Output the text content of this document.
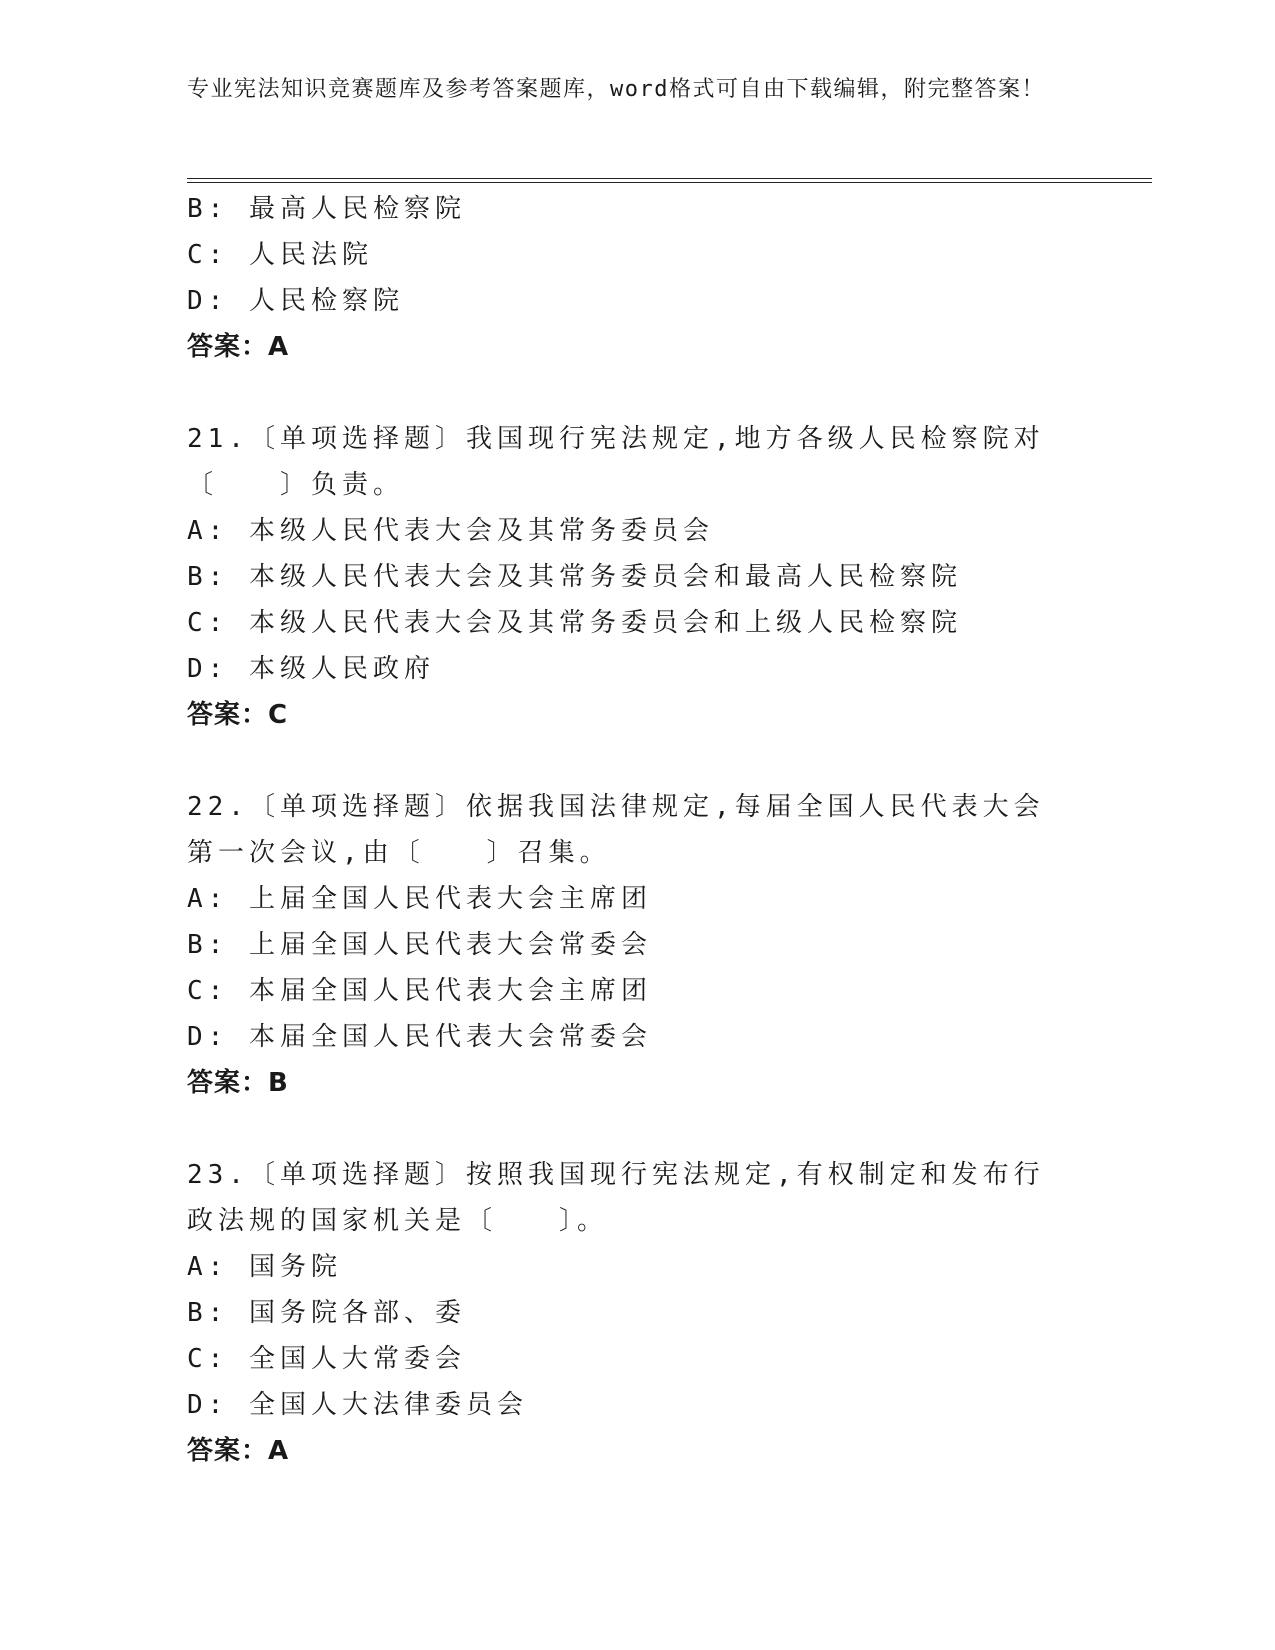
专业宪法知识竞赛题库及参考答案题库，word格式可自由下载编辑，附完整答案！
B: 最高人民检察院
C: 人民法院
D: 人民检察院
答案：A
21.〔单项选择题〕我国现行宪法规定,地方各级人民检察院对〔　　〕负责。
A: 本级人民代表大会及其常务委员会
B: 本级人民代表大会及其常务委员会和最高人民检察院
C: 本级人民代表大会及其常务委员会和上级人民检察院
D: 本级人民政府
答案：C
22.〔单项选择题〕依据我国法律规定,每届全国人民代表大会第一次会议,由〔　　〕召集。
A: 上届全国人民代表大会主席团
B: 上届全国人民代表大会常委会
C: 本届全国人民代表大会主席团
D: 本届全国人民代表大会常委会
答案：B
23.〔单项选择题〕按照我国现行宪法规定,有权制定和发布行政法规的国家机关是〔　　〕。
A: 国务院
B: 国务院各部、委
C: 全国人大常委会
D: 全国人大法律委员会
答案：A
